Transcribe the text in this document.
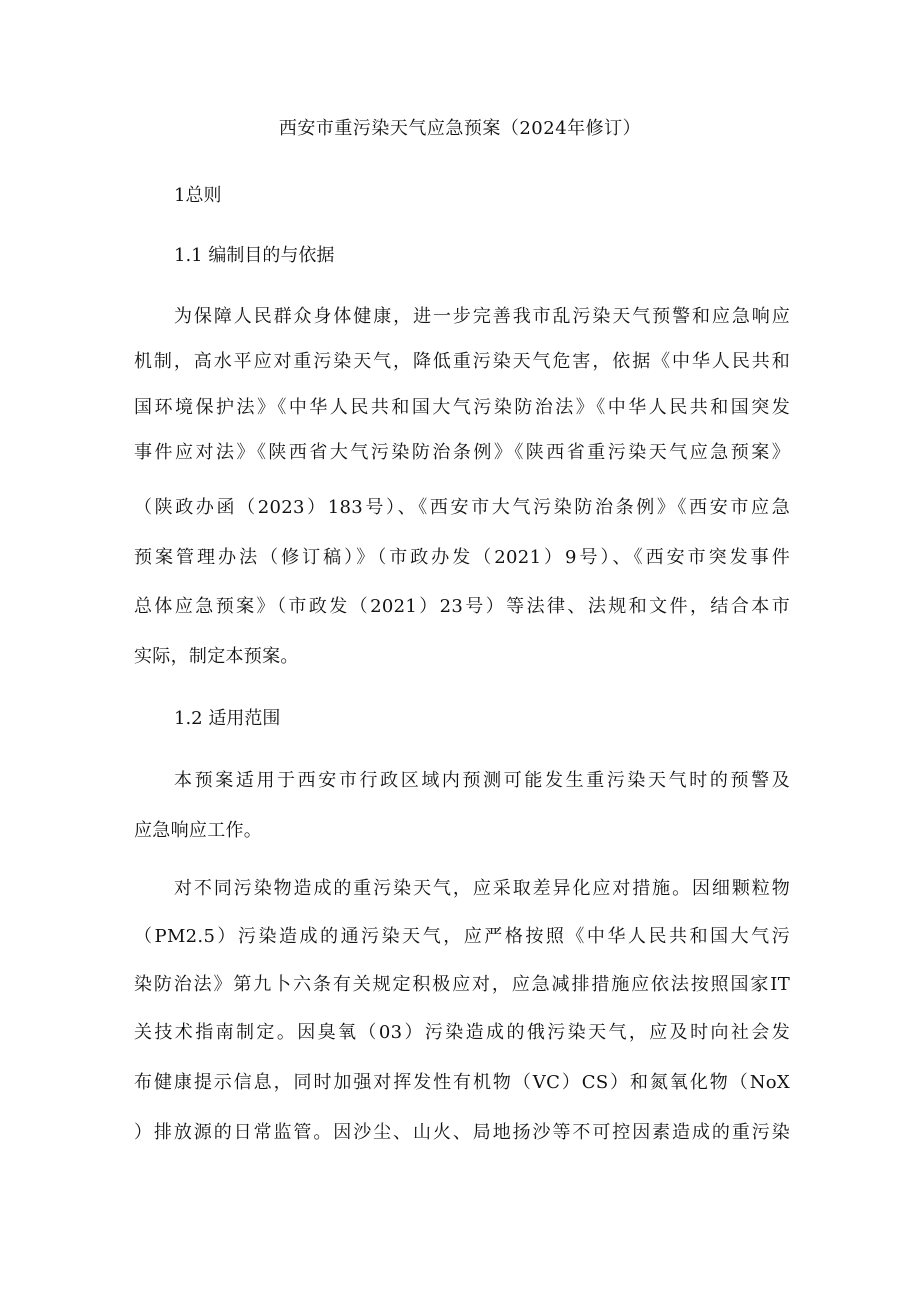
西安市重污染天气应急预案（2024年修订）
1总则
1.1 编制目的与依据
为保障人民群众身体健康，进一步完善我市乱污染天气预警和应急响应
机制，高水平应对重污染天气，降低重污染天气危害，依据《中华人民共和
国环境保护法》《中华人民共和国大气污染防治法》《中华人民共和国突发
事件应对法》《陕西省大气污染防治条例》《陕西省重污染天气应急预案》
（陕政办函（2023）183号）、《西安市大气污染防治条例》《西安市应急
预案管理办法（修订稿）》（市政办发（2021）9号）、《西安市突发事件
总体应急预案》（市政发（2021）23号）等法律、法规和文件，结合本市
实际，制定本预案。
1.2 适用范围
本预案适用于西安市行政区域内预测可能发生重污染天气时的预警及
应急响应工作。
对不同污染物造成的重污染天气，应采取差异化应对措施。因细颗粒物
（PM2.5）污染造成的通污染天气，应严格按照《中华人民共和国大气污
染防治法》第九卜六条有关规定积极应对，应急减排措施应依法按照国家IT
关技术指南制定。因臭氧（03）污染造成的俄污染天气，应及时向社会发
布健康提示信息，同时加强对挥发性有机物（VC）CS）和氮氧化物（NoX
）排放源的日常监管。因沙尘、山火、局地扬沙等不可控因素造成的重污染
